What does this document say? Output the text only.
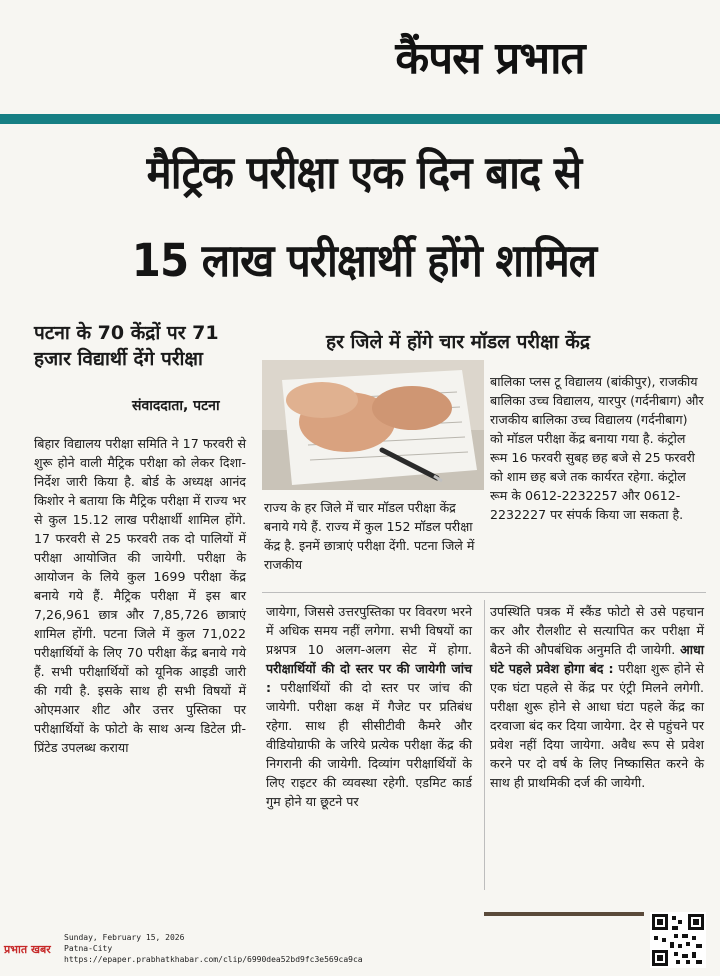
कैंपस प्रभात
मैट्रिक परीक्षा एक दिन बाद से
15 लाख परीक्षार्थी होंगे शामिल
पटना के 70 केंद्रों पर 71 हजार विद्यार्थी देंगे परीक्षा
संवाददाता, पटना
हर जिले में होंगे चार मॉडल परीक्षा केंद्र
बिहार विद्यालय परीक्षा समिति ने 17 फरवरी से शुरू होने वाली मैट्रिक परीक्षा को लेकर दिशा-निर्देश जारी किया है. बोर्ड के अध्यक्ष आनंद किशोर ने बताया कि मैट्रिक परीक्षा में राज्य भर से कुल 15.12 लाख परीक्षार्थी शामिल होंगे. 17 फरवरी से 25 फरवरी तक दो पालियों में परीक्षा आयोजित की जायेगी. परीक्षा के आयोजन के लिये कुल 1699 परीक्षा केंद्र बनाये गये हैं. मैट्रिक परीक्षा में इस बार 7,26,961 छात्र और 7,85,726 छात्राएं शामिल होंगी. पटना जिले में कुल 71,022 परीक्षार्थियों के लिए 70 परीक्षा केंद्र बनाये गये हैं. सभी परीक्षार्थियों को यूनिक आइडी जारी की गयी है. इसके साथ ही सभी विषयों में ओएमआर शीट और उत्तर पुस्तिका पर परीक्षार्थियों के फोटो के साथ अन्य डिटेल प्री-प्रिंटेड उपलब्ध कराया
राज्य के हर जिले में चार मॉडल परीक्षा केंद्र बनाये गये हैं. राज्य में कुल 152 मॉडल परीक्षा केंद्र है. इनमें छात्राएं परीक्षा देंगी. पटना जिले में राजकीय
बालिका प्लस टू विद्यालय (बांकीपुर), राजकीय बालिका उच्च विद्यालय, यारपुर (गर्दनीबाग) और राजकीय बालिका उच्च विद्यालय (गर्दनीबाग) को मॉडल परीक्षा केंद्र बनाया गया है. कंट्रोल रूम 16 फरवरी सुबह छह बजे से 25 फरवरी को शाम छह बजे तक कार्यरत रहेगा. कंट्रोल रूम के 0612-2232257 और 0612-2232227 पर संपर्क किया जा सकता है.
जायेगा, जिससे उत्तरपुस्तिका पर विवरण भरने में अधिक समय नहीं लगेगा. सभी विषयों का प्रश्नपत्र 10 अलग-अलग सेट में होगा. परीक्षार्थियों की दो स्तर पर की जायेगी जांच : परीक्षार्थियों की दो स्तर पर जांच की जायेगी. परीक्षा कक्ष में गैजेट पर प्रतिबंध रहेगा. साथ ही सीसीटीवी कैमरे और वीडियोग्राफी के जरिये प्रत्येक परीक्षा केंद्र की निगरानी की जायेगी. दिव्यांग परीक्षार्थियों के लिए राइटर की व्यवस्था रहेगी. एडमिट कार्ड गुम होने या छूटने पर
उपस्थिति पत्रक में स्कैंड फोटो से उसे पहचान कर और रौलशीट से सत्यापित कर परीक्षा में बैठने की औपबंधिक अनुमति दी जायेगी. आधा घंटे पहले प्रवेश होगा बंद : परीक्षा शुरू होने से एक घंटा पहले से केंद्र पर एंट्री मिलने लगेगी. परीक्षा शुरू होने से आधा घंटा पहले केंद्र का दरवाजा बंद कर दिया जायेगा. देर से पहुंचने पर प्रवेश नहीं दिया जायेगा. अवैध रूप से प्रवेश करने पर दो वर्ष के लिए निष्कासित करने के साथ ही प्राथमिकी दर्ज की जायेगी.
प्रभात खबर
Sunday, February 15, 2026
Patna-City
https://epaper.prabhatkhabar.com/clip/6990dea52bd9fc3e569ca9ca
